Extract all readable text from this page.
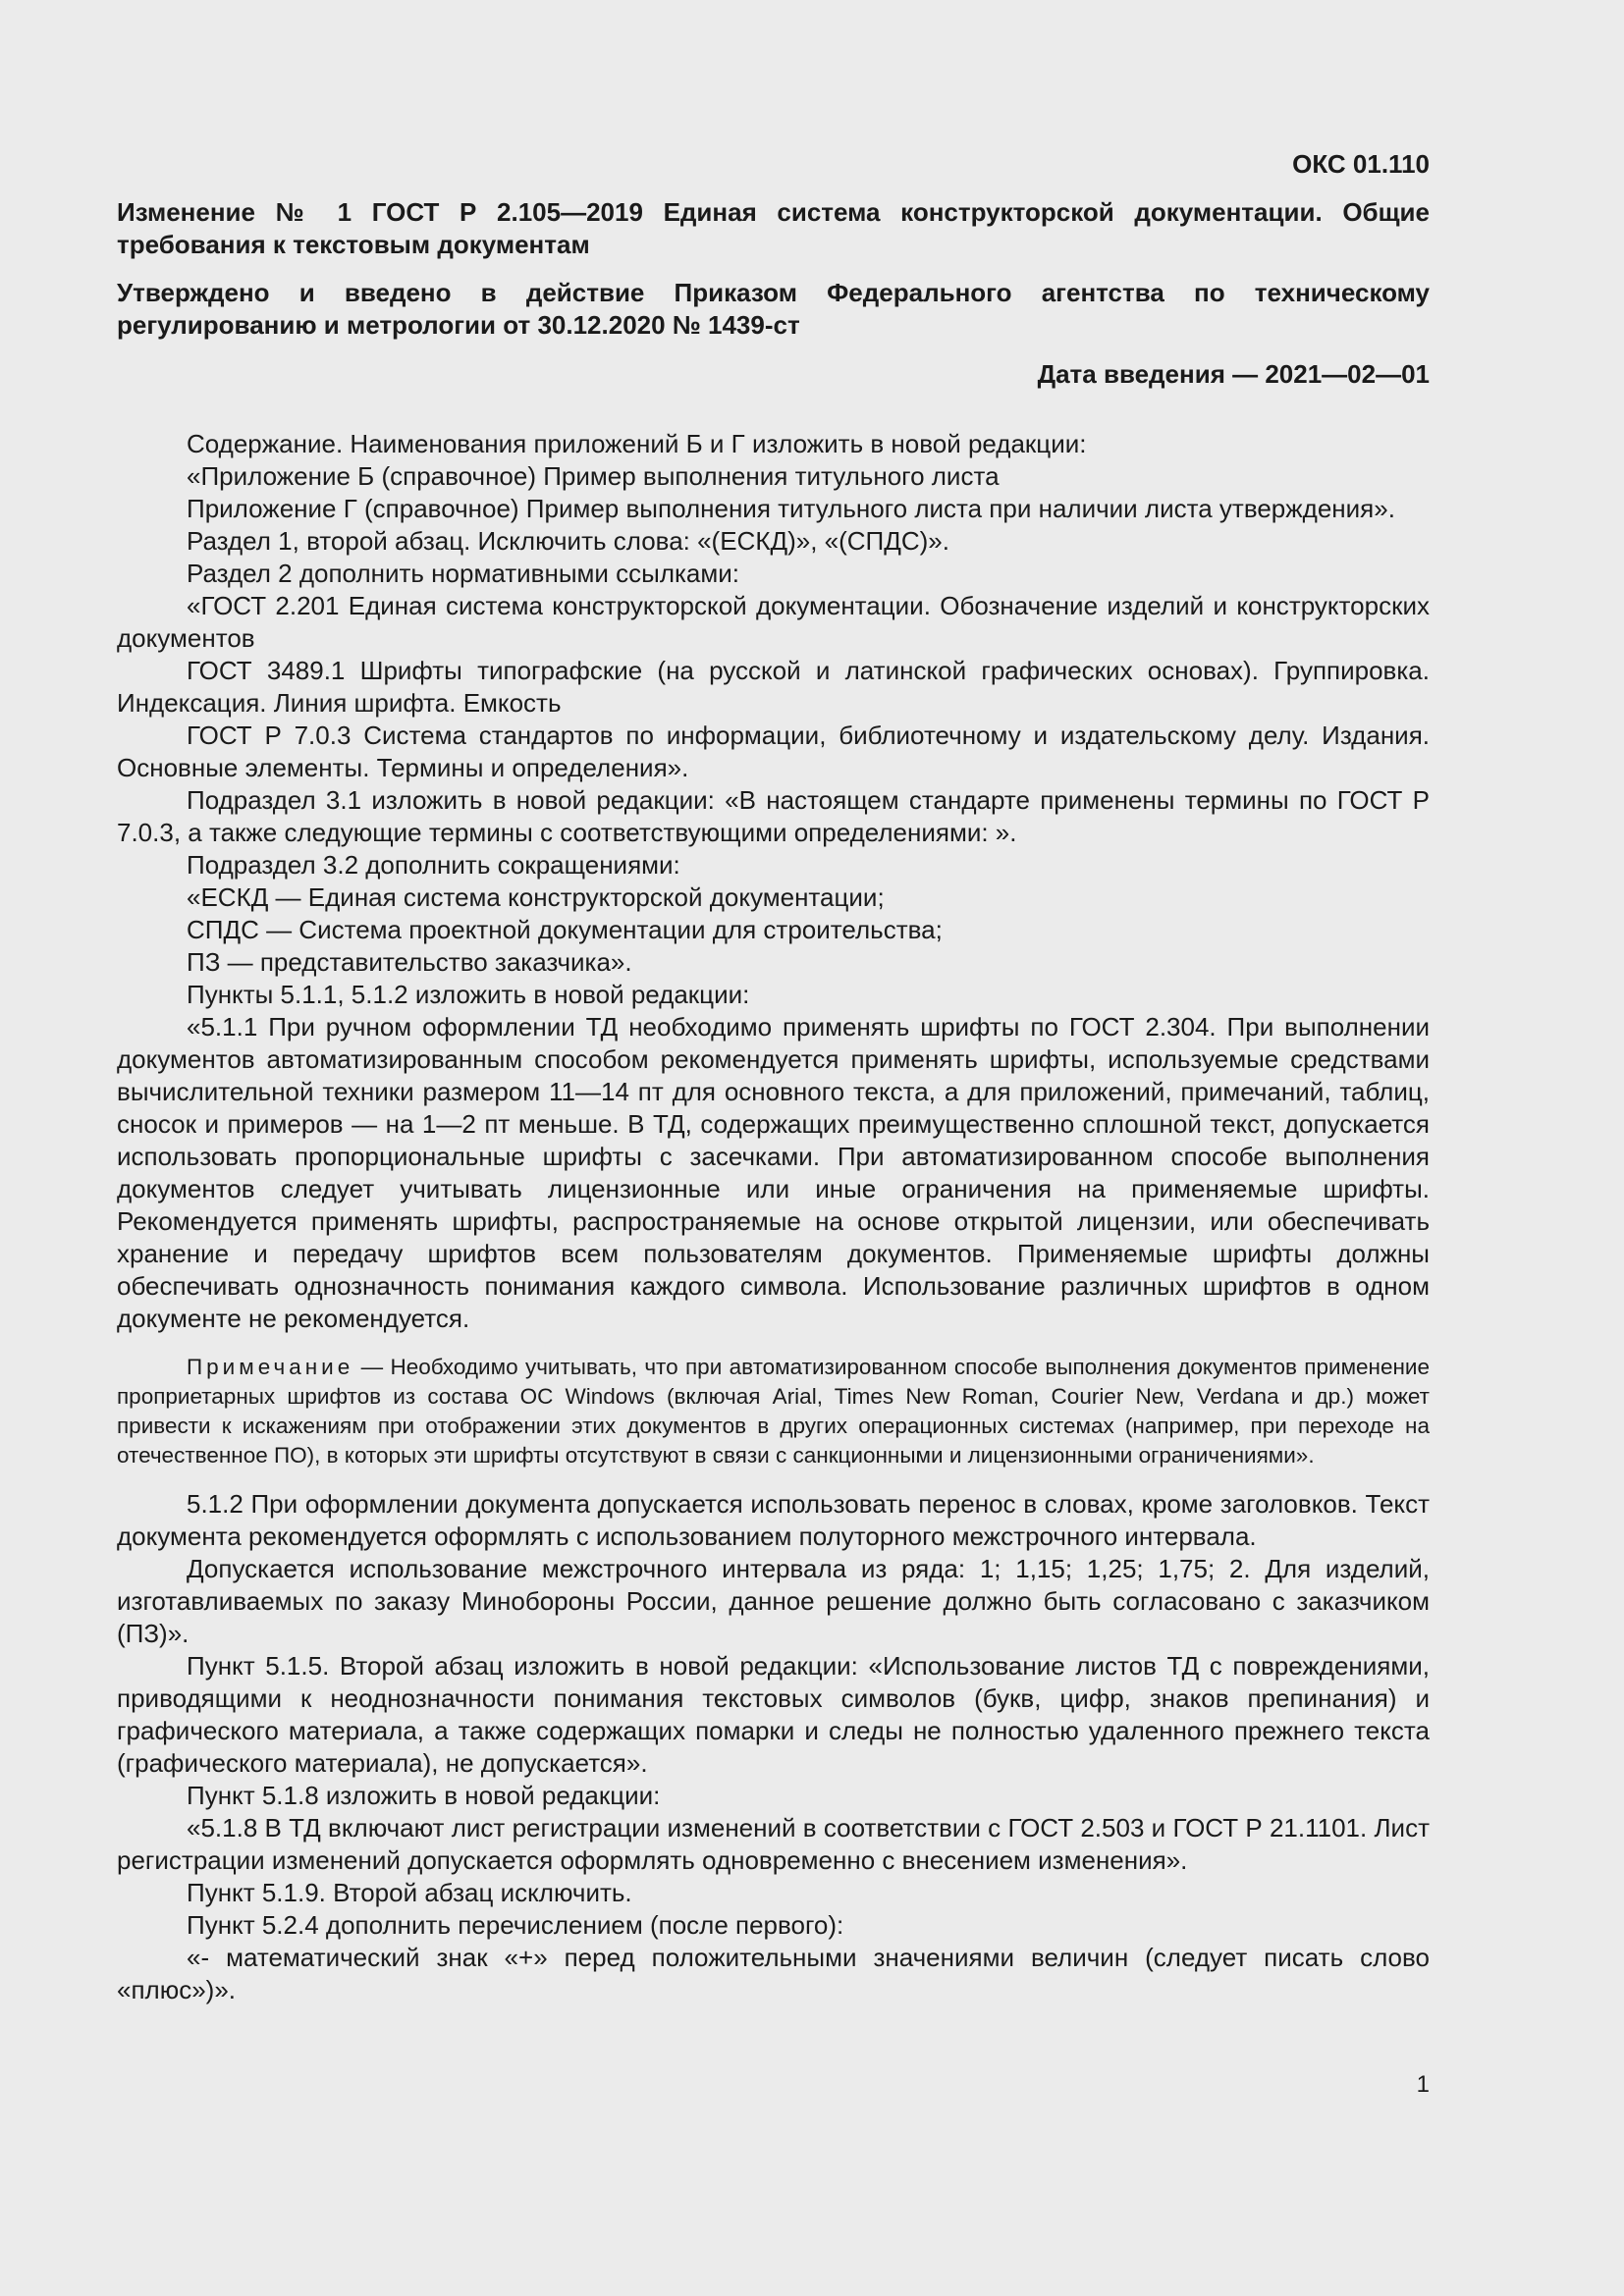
ОКС 01.110
Изменение № 1 ГОСТ Р 2.105—2019 Единая система конструкторской документации. Общие требования к текстовым документам
Утверждено и введено в действие Приказом Федерального агентства по техническому регулированию и метрологии от 30.12.2020 № 1439-ст
Дата введения — 2021—02—01

Содержание. Наименования приложений Б и Г изложить в новой редакции:

«Приложение Б (справочное) Пример выполнения титульного листа

Приложение Г (справочное) Пример выполнения титульного листа при наличии листа утверждения».

Раздел 1, второй абзац. Исключить слова: «(ЕСКД)», «(СПДС)».

Раздел 2 дополнить нормативными ссылками:

«ГОСТ 2.201 Единая система конструкторской документации. Обозначение изделий и конструкторских документов

ГОСТ 3489.1 Шрифты типографские (на русской и латинской графических основах). Группировка. Индексация. Линия шрифта. Емкость

ГОСТ Р 7.0.3 Система стандартов по информации, библиотечному и издательскому делу. Издания. Основные элементы. Термины и определения».

Подраздел 3.1 изложить в новой редакции: «В настоящем стандарте применены термины по ГОСТ Р 7.0.3, а также следующие термины с соответствующими определениями: ».

Подраздел 3.2 дополнить сокращениями:

«ЕСКД — Единая система конструкторской документации;

СПДС — Система проектной документации для строительства;

ПЗ — представительство заказчика».

Пункты 5.1.1, 5.1.2 изложить в новой редакции:

«5.1.1 При ручном оформлении ТД необходимо применять шрифты по ГОСТ 2.304. При выполнении документов автоматизированным способом рекомендуется применять шрифты, используемые средствами вычислительной техники размером 11—14 пт для основного текста, а для приложений, примечаний, таблиц, сносок и примеров — на 1—2 пт меньше. В ТД, содержащих преимущественно сплошной текст, допускается использовать пропорциональные шрифты с засечками. При автоматизированном способе выполнения документов следует учитывать лицензионные или иные ограничения на применяемые шрифты. Рекомендуется применять шрифты, распространяемые на основе открытой лицензии, или обеспечивать хранение и передачу шрифтов всем пользователям документов. Применяемые шрифты должны обеспечивать однозначность понимания каждого символа. Использование различных шрифтов в одном документе не рекомендуется.

Примечание — Необходимо учитывать, что при автоматизированном способе выполнения документов применение проприетарных шрифтов из состава ОС Windows (включая Arial, Times New Roman, Courier New, Verdana и др.) может привести к искажениям при отображении этих документов в других операционных системах (например, при переходе на отечественное ПО), в которых эти шрифты отсутствуют в связи с санкционными и лицензионными ограничениями».

5.1.2 При оформлении документа допускается использовать перенос в словах, кроме заголовков. Текст документа рекомендуется оформлять с использованием полуторного межстрочного интервала.

Допускается использование межстрочного интервала из ряда: 1; 1,15; 1,25; 1,75; 2. Для изделий, изготавливаемых по заказу Минобороны России, данное решение должно быть согласовано с заказчиком (ПЗ)».

Пункт 5.1.5. Второй абзац изложить в новой редакции: «Использование листов ТД с повреждениями, приводящими к неоднозначности понимания текстовых символов (букв, цифр, знаков препинания) и графического материала, а также содержащих помарки и следы не полностью удаленного прежнего текста (графического материала), не допускается».

Пункт 5.1.8 изложить в новой редакции:

«5.1.8 В ТД включают лист регистрации изменений в соответствии с ГОСТ 2.503 и ГОСТ Р 21.1101. Лист регистрации изменений допускается оформлять одновременно с внесением изменения».

Пункт 5.1.9. Второй абзац исключить.

Пункт 5.2.4 дополнить перечислением (после первого):

«- математический знак «+» перед положительными значениями величин (следует писать слово «плюс»)».

1
